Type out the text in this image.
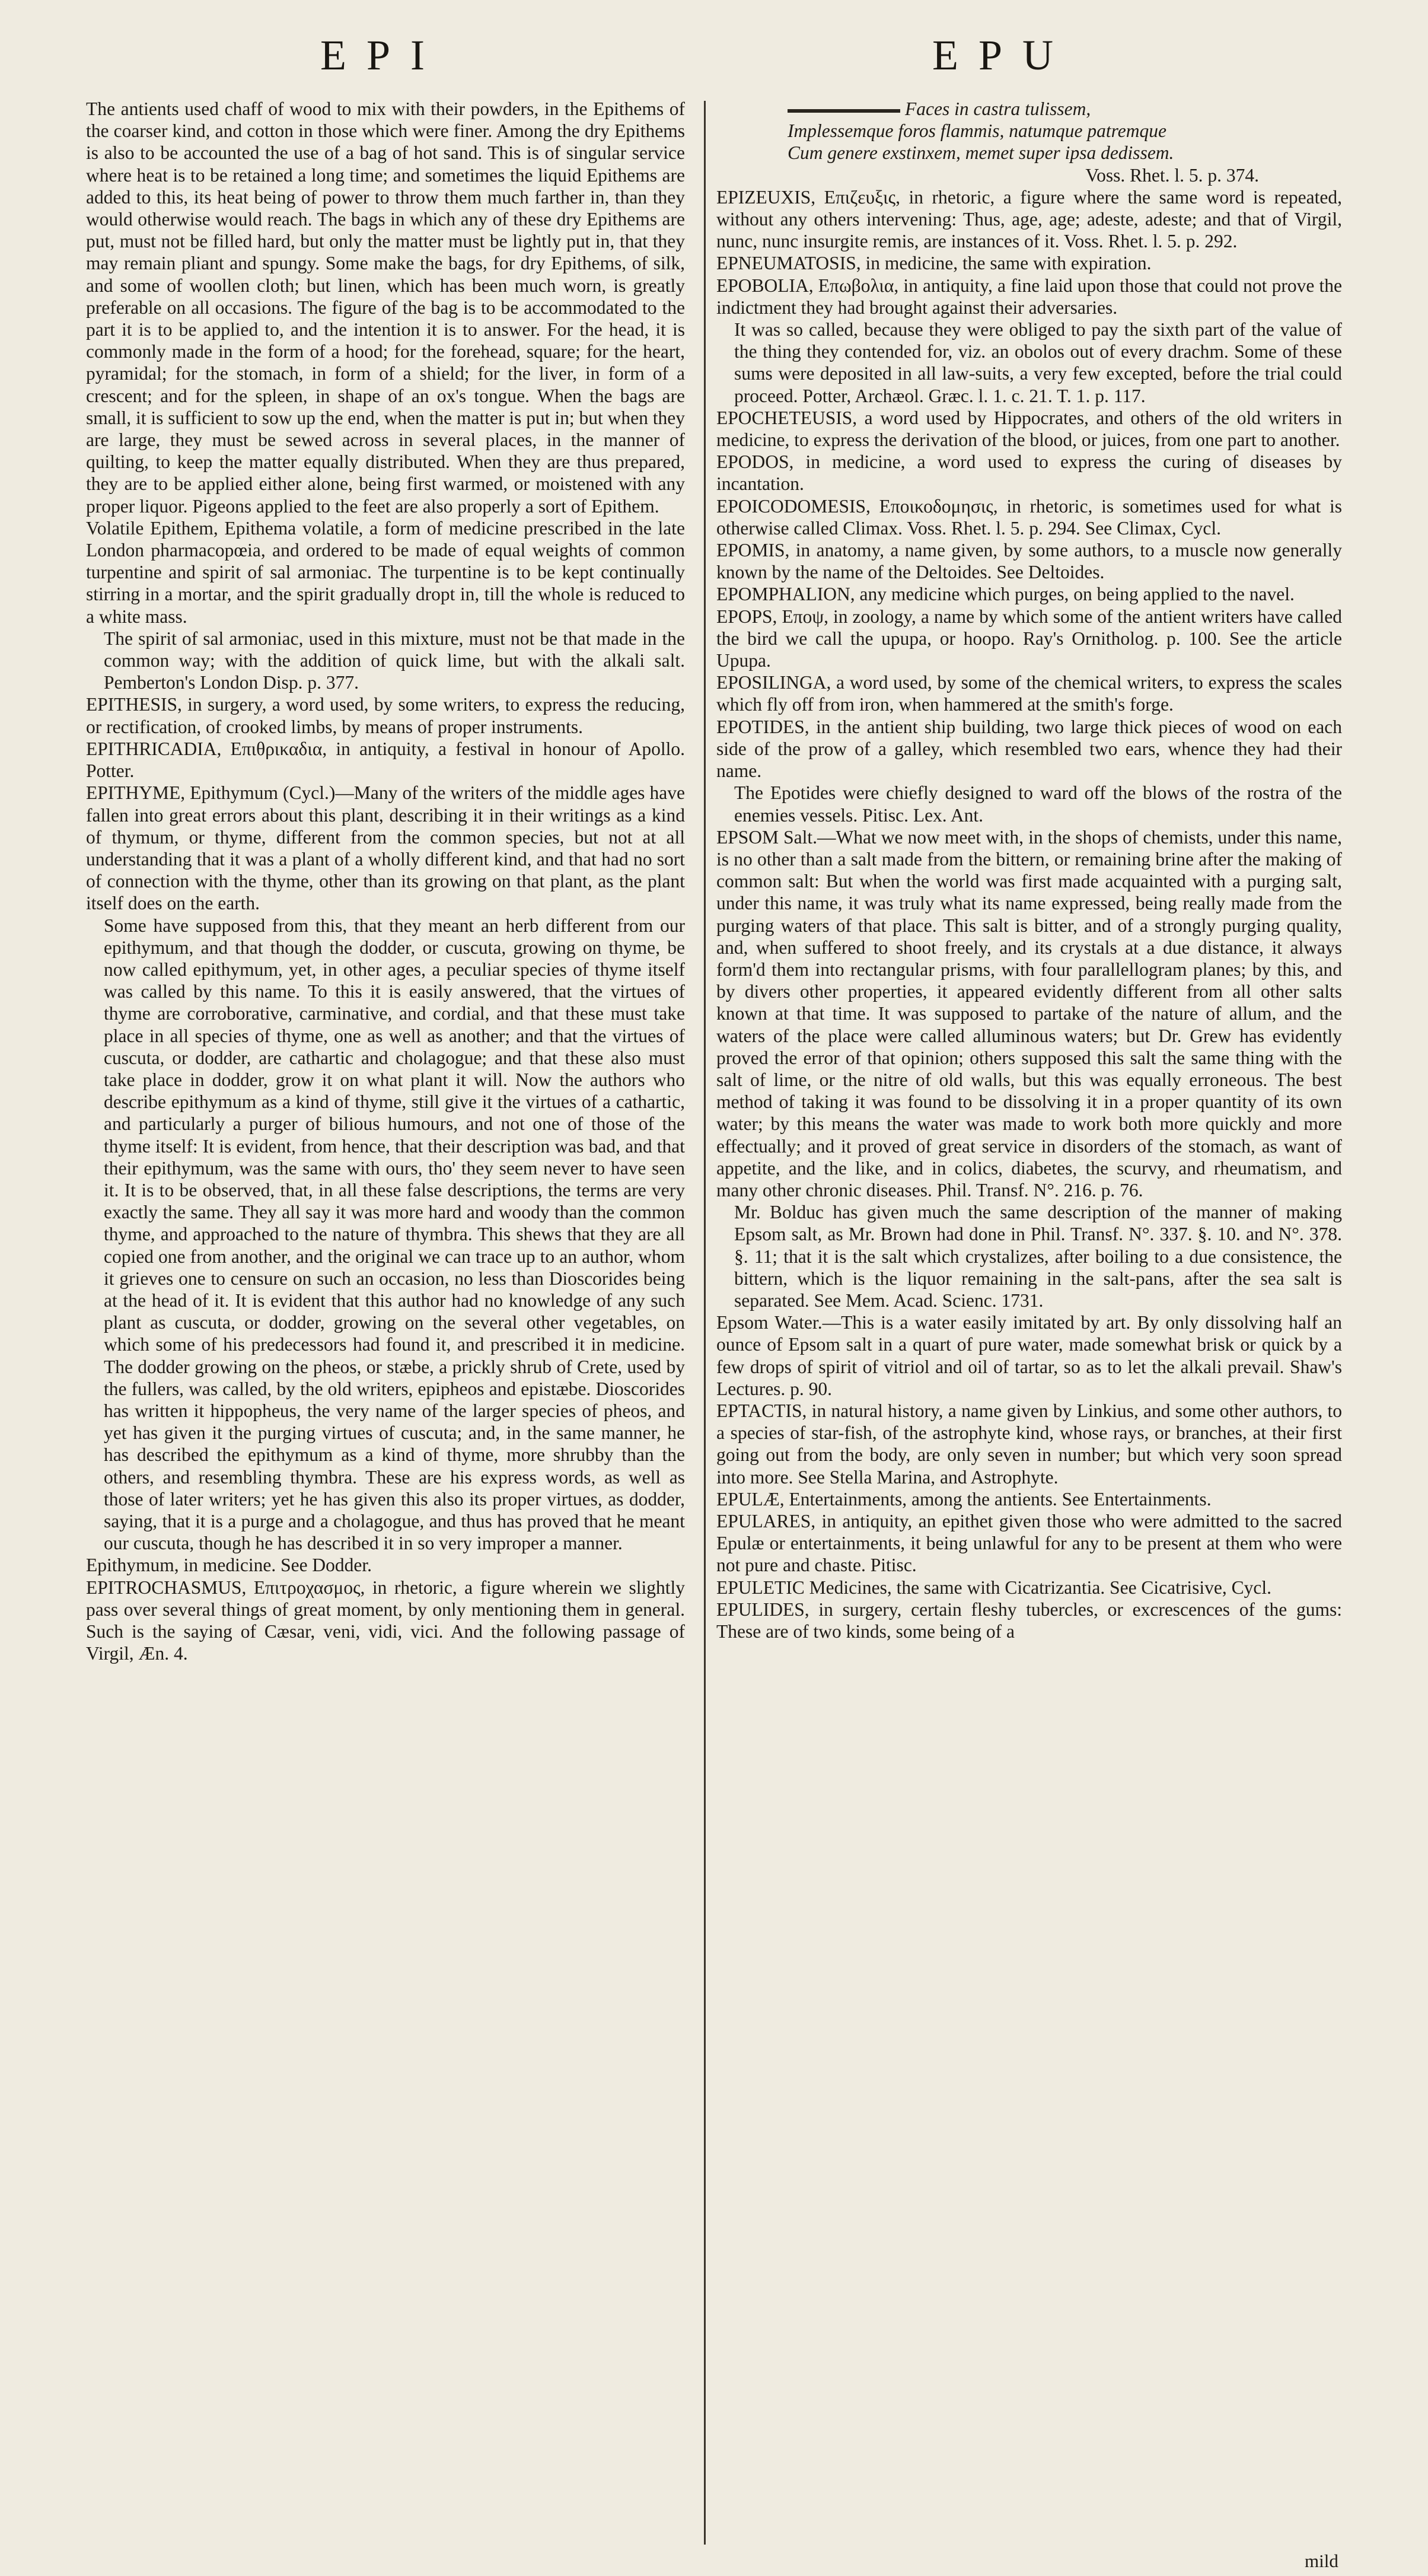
EPI	EPU

The antients used chaff of wood to mix with their powders, in the Epithems of the coarser kind, and cotton in those which were finer. Among the dry Epithems is also to be accounted the use of a bag of hot sand. This is of singular service where heat is to be retained a long time; and sometimes the liquid Epithems are added to this, its heat being of power to throw them much farther in, than they would otherwise would reach. The bags in which any of these dry Epithems are put, must not be filled hard, but only the matter must be lightly put in, that they may remain pliant and spungy. Some make the bags, for dry Epithems, of silk, and some of woollen cloth; but linen, which has been much worn, is greatly preferable on all occasions. The figure of the bag is to be accommodated to the part it is to be applied to, and the intention it is to answer. For the head, it is commonly made in the form of a hood; for the forehead, square; for the heart, pyramidal; for the stomach, in form of a shield; for the liver, in form of a crescent; and for the spleen, in shape of an ox's tongue. When the bags are small, it is sufficient to sow up the end, when the matter is put in; but when they are large, they must be sewed across in several places, in the manner of quilting, to keep the matter equally distributed. When they are thus prepared, they are to be applied either alone, being first warmed, or moistened with any proper liquor. Pigeons applied to the feet are also properly a sort of Epithem.

Volatile Epithem, Epithema volatile, a form of medicine prescribed in the late London pharmacopœia, and ordered to be made of equal weights of common turpentine and spirit of sal armoniac. The turpentine is to be kept continually stirring in a mortar, and the spirit gradually dropt in, till the whole is reduced to a white mass.

The spirit of sal armoniac, used in this mixture, must not be that made in the common way; with the addition of quick lime, but with the alkali salt. Pemberton's London Disp. p. 377.

EPITHESIS, in surgery, a word used, by some writers, to express the reducing, or rectification, of crooked limbs, by means of proper instruments.

EPITHRICADIA, Επιθρικαδια, in antiquity, a festival in honour of Apollo. Potter.

EPITHYME, Epithymum (Cycl.)—Many of the writers of the middle ages have fallen into great errors about this plant, describing it in their writings as a kind of thymum, or thyme, different from the common species, but not at all understanding that it was a plant of a wholly different kind, and that had no sort of connection with the thyme, other than its growing on that plant, as the plant itself does on the earth.

Some have supposed from this, that they meant an herb different from our epithymum, and that though the dodder, or cuscuta, growing on thyme, be now called epithymum, yet, in other ages, a peculiar species of thyme itself was called by this name. To this it is easily answered, that the virtues of thyme are corroborative, carminative, and cordial, and that these must take place in all species of thyme, one as well as another; and that the virtues of cuscuta, or dodder, are cathartic and cholagogue; and that these also must take place in dodder, grow it on what plant it will. Now the authors who describe epithymum as a kind of thyme, still give it the virtues of a cathartic, and particularly a purger of bilious humours, and not one of those of the thyme itself: It is evident, from hence, that their description was bad, and that their epithymum, was the same with ours, tho' they seem never to have seen it. It is to be observed, that, in all these false descriptions, the terms are very exactly the same. They all say it was more hard and woody than the common thyme, and approached to the nature of thymbra. This shews that they are all copied one from another, and the original we can trace up to an author, whom it grieves one to censure on such an occasion, no less than Dioscorides being at the head of it. It is evident that this author had no knowledge of any such plant as cuscuta, or dodder, growing on the several other vegetables, on which some of his predecessors had found it, and prescribed it in medicine. The dodder growing on the pheos, or stæbe, a prickly shrub of Crete, used by the fullers, was called, by the old writers, epipheos and epistæbe. Dioscorides has written it hippopheus, the very name of the larger species of pheos, and yet has given it the purging virtues of cuscuta; and, in the same manner, he has described the epithymum as a kind of thyme, more shrubby than the others, and resembling thymbra. These are his express words, as well as those of later writers; yet he has given this also its proper virtues, as dodder, saying, that it is a purge and a cholagogue, and thus has proved that he meant our cuscuta, though he has described it in so very improper a manner.

Epithymum, in medicine. See Dodder.

EPITROCHASMUS, Επιτροχασμος, in rhetoric, a figure wherein we slightly pass over several things of great moment, by only mentioning them in general. Such is the saying of Cæsar, veni, vidi, vici. And the following passage of Virgil, Æn. 4.

Faces in castra tulissem,

Implessemque foros flammis, natumque patremque

Cum genere exstinxem, memet super ipsa dedissem.

Voss. Rhet. l. 5. p. 374.

EPIZEUXIS, Επιζευξις, in rhetoric, a figure where the same word is repeated, without any others intervening: Thus, age, age; adeste, adeste; and that of Virgil, nunc, nunc insurgite remis, are instances of it. Voss. Rhet. l. 5. p. 292.

EPNEUMATOSIS, in medicine, the same with expiration.

EPOBOLIA, Επωβολια, in antiquity, a fine laid upon those that could not prove the indictment they had brought against their adversaries.

It was so called, because they were obliged to pay the sixth part of the value of the thing they contended for, viz. an obolos out of every drachm. Some of these sums were deposited in all law-suits, a very few excepted, before the trial could proceed. Potter, Archæol. Græc. l. 1. c. 21. T. 1. p. 117.

EPOCHETEUSIS, a word used by Hippocrates, and others of the old writers in medicine, to express the derivation of the blood, or juices, from one part to another.

EPODOS, in medicine, a word used to express the curing of diseases by incantation.

EPOICODOMESIS, Εποικοδομησις, in rhetoric, is sometimes used for what is otherwise called Climax. Voss. Rhet. l. 5. p. 294. See Climax, Cycl.

EPOMIS, in anatomy, a name given, by some authors, to a muscle now generally known by the name of the Deltoides. See Deltoides.

EPOMPHALION, any medicine which purges, on being applied to the navel.

EPOPS, Εποψ, in zoology, a name by which some of the antient writers have called the bird we call the upupa, or hoopo. Ray's Ornitholog. p. 100. See the article Upupa.

EPOSILINGA, a word used, by some of the chemical writers, to express the scales which fly off from iron, when hammered at the smith's forge.

EPOTIDES, in the antient ship building, two large thick pieces of wood on each side of the prow of a galley, which resembled two ears, whence they had their name.

The Epotides were chiefly designed to ward off the blows of the rostra of the enemies vessels. Pitisc. Lex. Ant.

EPSOM Salt.—What we now meet with, in the shops of chemists, under this name, is no other than a salt made from the bittern, or remaining brine after the making of common salt: But when the world was first made acquainted with a purging salt, under this name, it was truly what its name expressed, being really made from the purging waters of that place. This salt is bitter, and of a strongly purging quality, and, when suffered to shoot freely, and its crystals at a due distance, it always form'd them into rectangular prisms, with four parallellogram planes; by this, and by divers other properties, it appeared evidently different from all other salts known at that time. It was supposed to partake of the nature of allum, and the waters of the place were called alluminous waters; but Dr. Grew has evidently proved the error of that opinion; others supposed this salt the same thing with the salt of lime, or the nitre of old walls, but this was equally erroneous. The best method of taking it was found to be dissolving it in a proper quantity of its own water; by this means the water was made to work both more quickly and more effectually; and it proved of great service in disorders of the stomach, as want of appetite, and the like, and in colics, diabetes, the scurvy, and rheumatism, and many other chronic diseases. Phil. Transf. N°. 216. p. 76.

Mr. Bolduc has given much the same description of the manner of making Epsom salt, as Mr. Brown had done in Phil. Transf. N°. 337. §. 10. and N°. 378. §. 11; that it is the salt which crystalizes, after boiling to a due consistence, the bittern, which is the liquor remaining in the salt-pans, after the sea salt is separated. See Mem. Acad. Scienc. 1731.

Epsom Water.—This is a water easily imitated by art. By only dissolving half an ounce of Epsom salt in a quart of pure water, made somewhat brisk or quick by a few drops of spirit of vitriol and oil of tartar, so as to let the alkali prevail. Shaw's Lectures. p. 90.

EPTACTIS, in natural history, a name given by Linkius, and some other authors, to a species of star-fish, of the astrophyte kind, whose rays, or branches, at their first going out from the body, are only seven in number; but which very soon spread into more. See Stella Marina, and Astrophyte.

EPULÆ, Entertainments, among the antients. See Entertainments.

EPULARES, in antiquity, an epithet given those who were admitted to the sacred Epulæ or entertainments, it being unlawful for any to be present at them who were not pure and chaste. Pitisc.

EPULETIC Medicines, the same with Cicatrizantia. See Cicatrisive, Cycl.

EPULIDES, in surgery, certain fleshy tubercles, or excrescences of the gums: These are of two kinds, some being of a

mild
